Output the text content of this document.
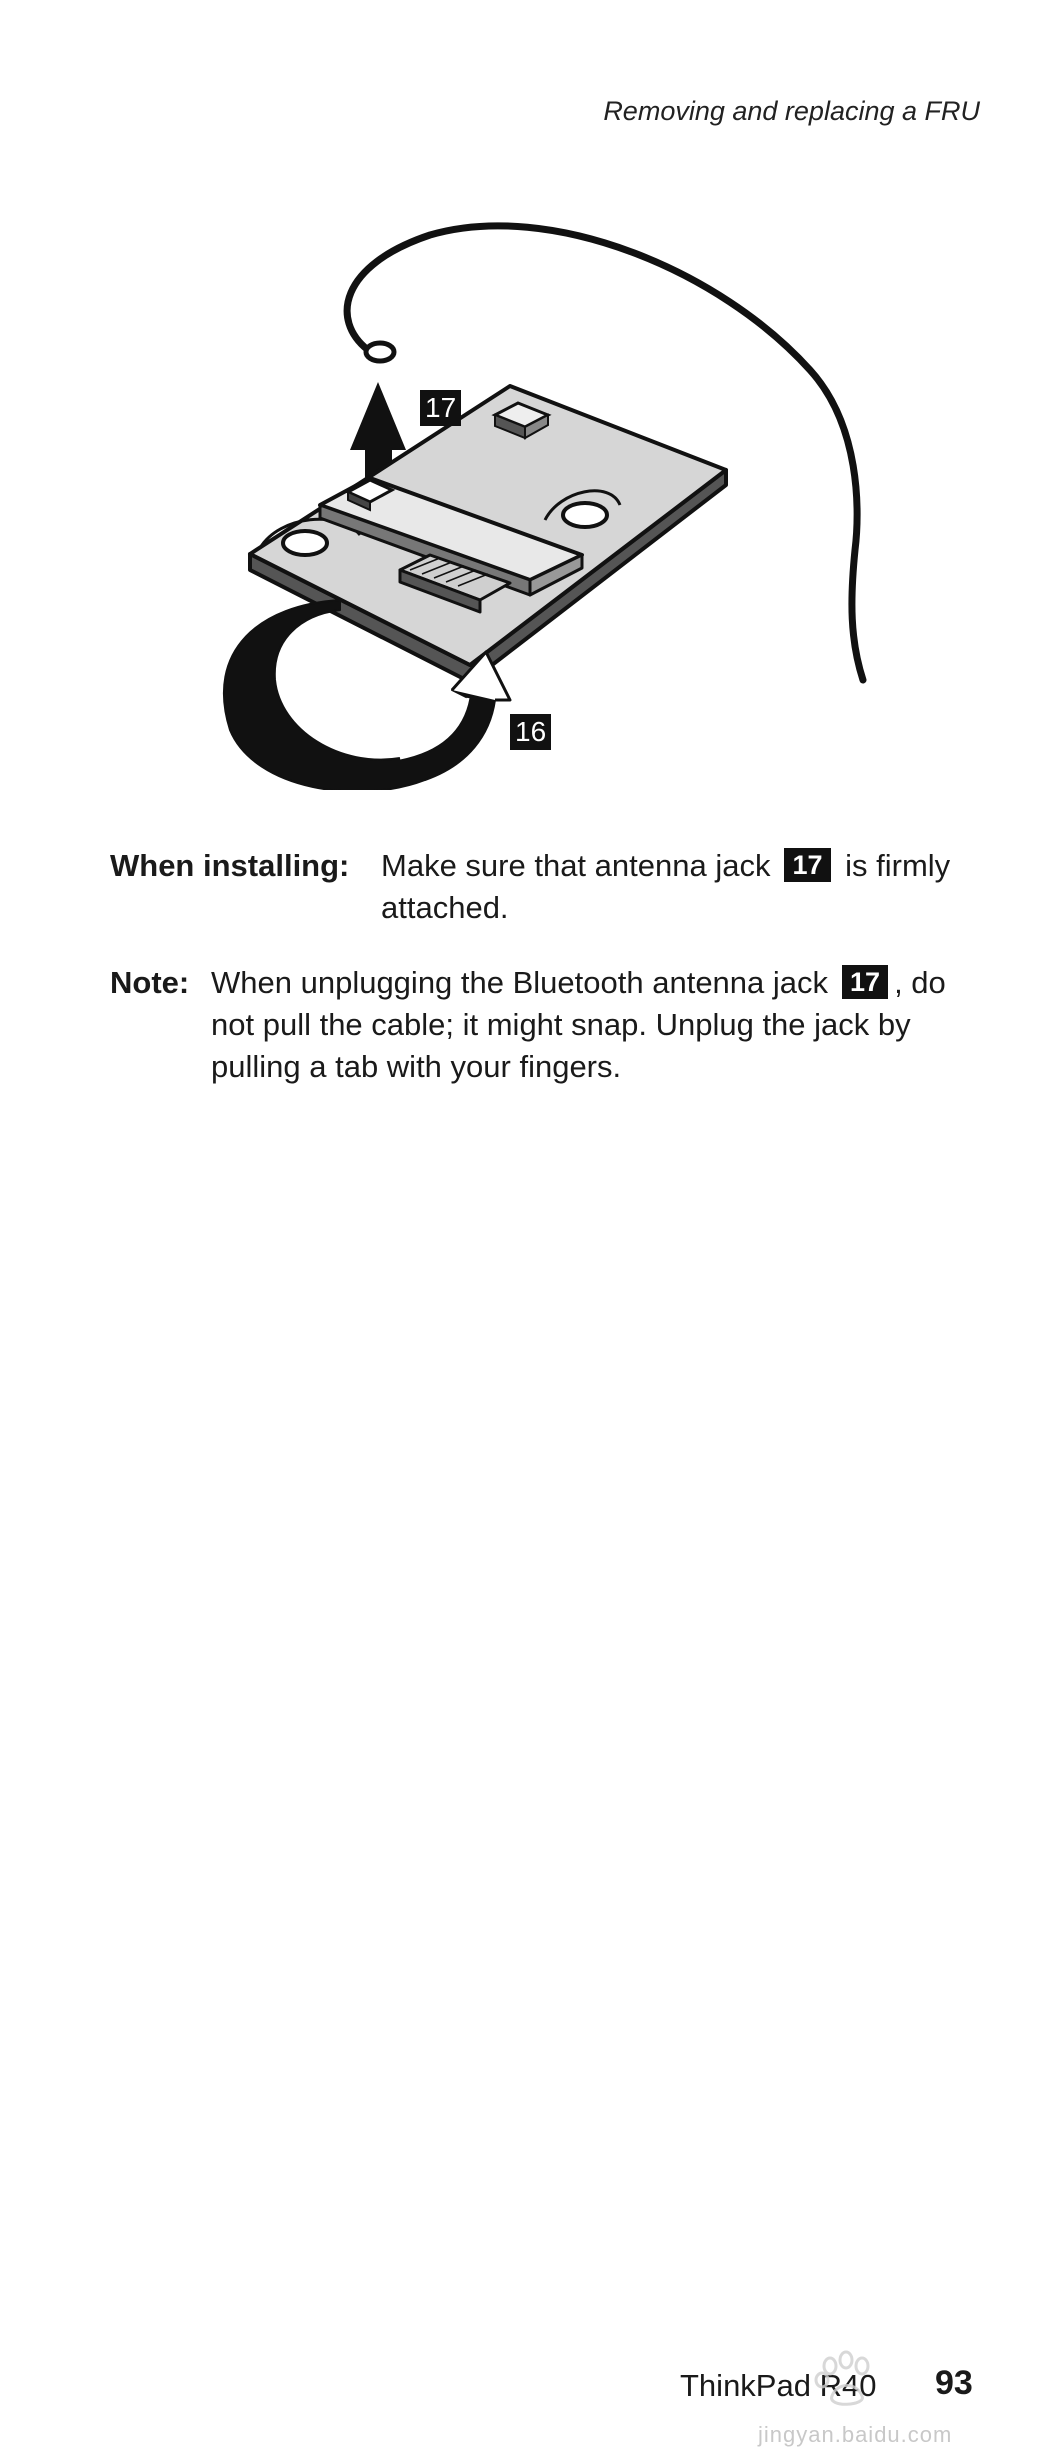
Removing and replacing a FRU
17
16
When installing: Make sure that antenna jack 17 is firmly attached.
Note: When unplugging the Bluetooth antenna jack 17 , do not pull the cable; it might snap. Unplug the jack by pulling a tab with your fingers.
ThinkPad R40 93
jingyan.baidu.com
